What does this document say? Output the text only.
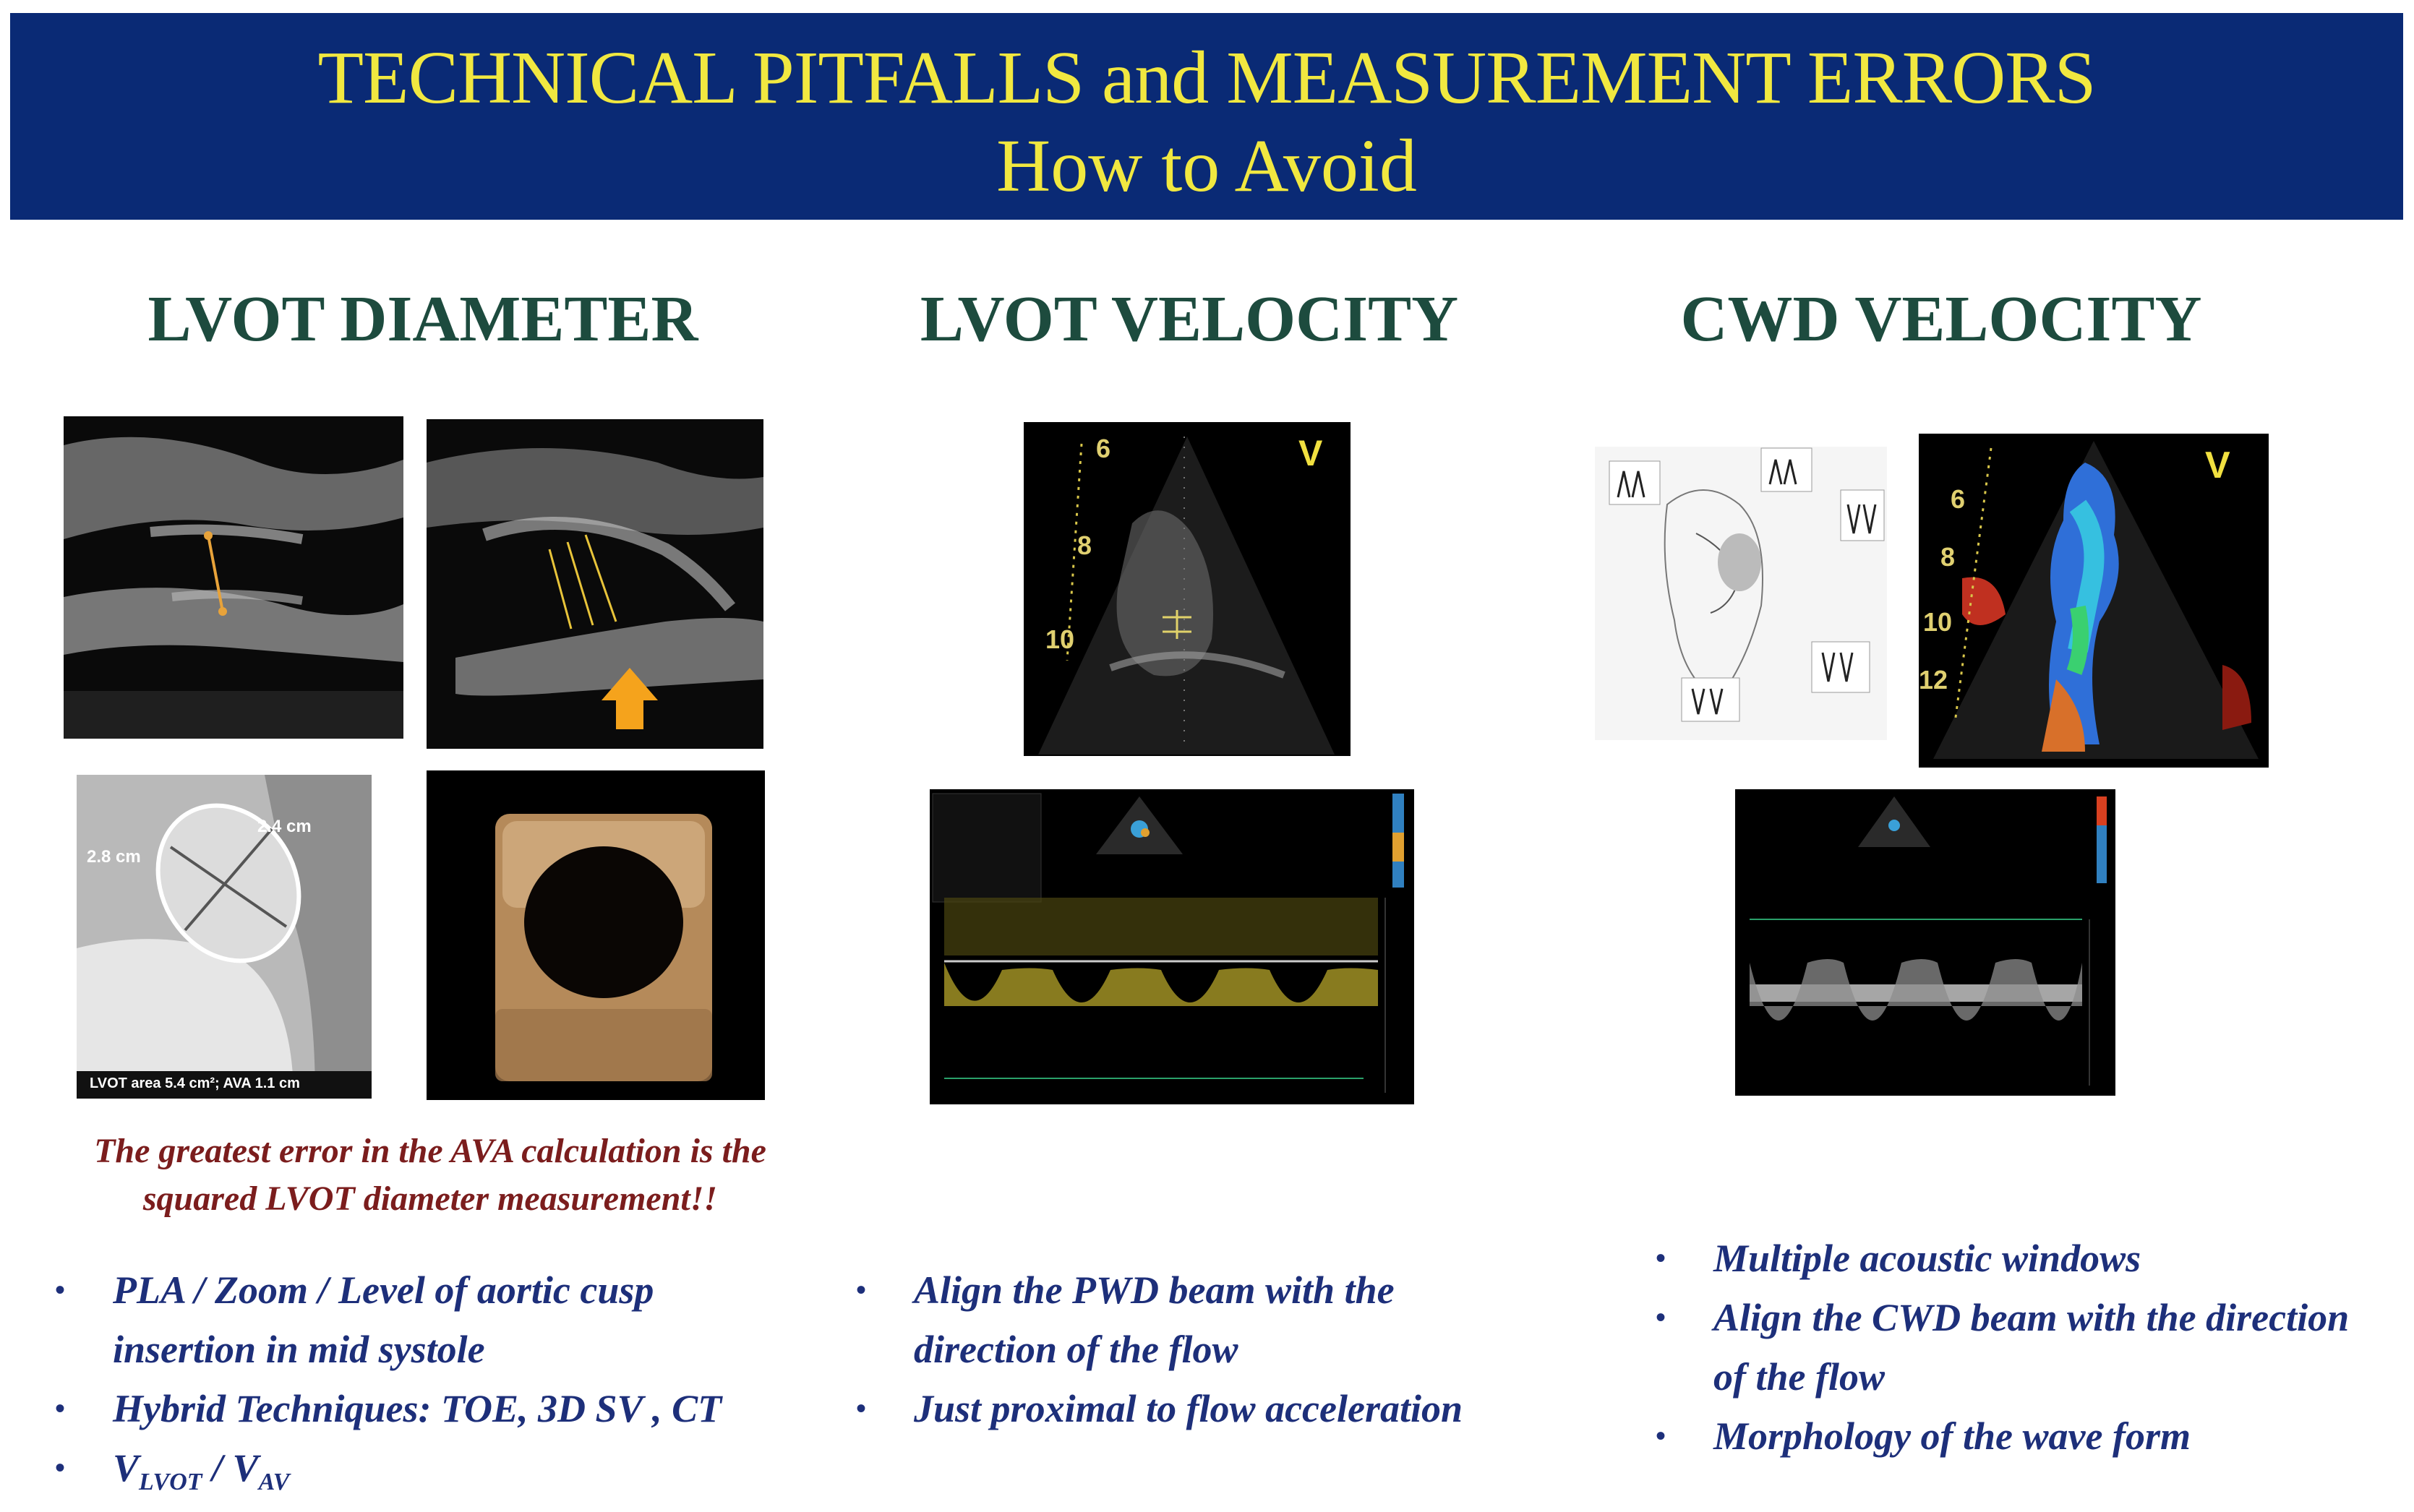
TECHNICAL PITFALLS and MEASUREMENT ERRORS
How to Avoid
LVOT DIAMETER	LVOT VELOCITY	CWD VELOCITY
2.8 cm
2.4 cm
LVOT area 5.4 cm²; AVA 1.1 cm
The greatest error in the AVA calculation is the
squared LVOT diameter measurement!!
• PLA / Zoom / Level of aortic cusp insertion in mid systole
• Hybrid Techniques: TOE, 3D SV , CT
• $V_{LVOT} / V_{AV}$
V
6
8
10
• Align the PWD beam with the direction of the flow
• Just proximal to flow acceleration
V
6
8
10
12
• Multiple acoustic windows
• Align the CWD beam with the direction of the flow
• Morphology of the wave form
